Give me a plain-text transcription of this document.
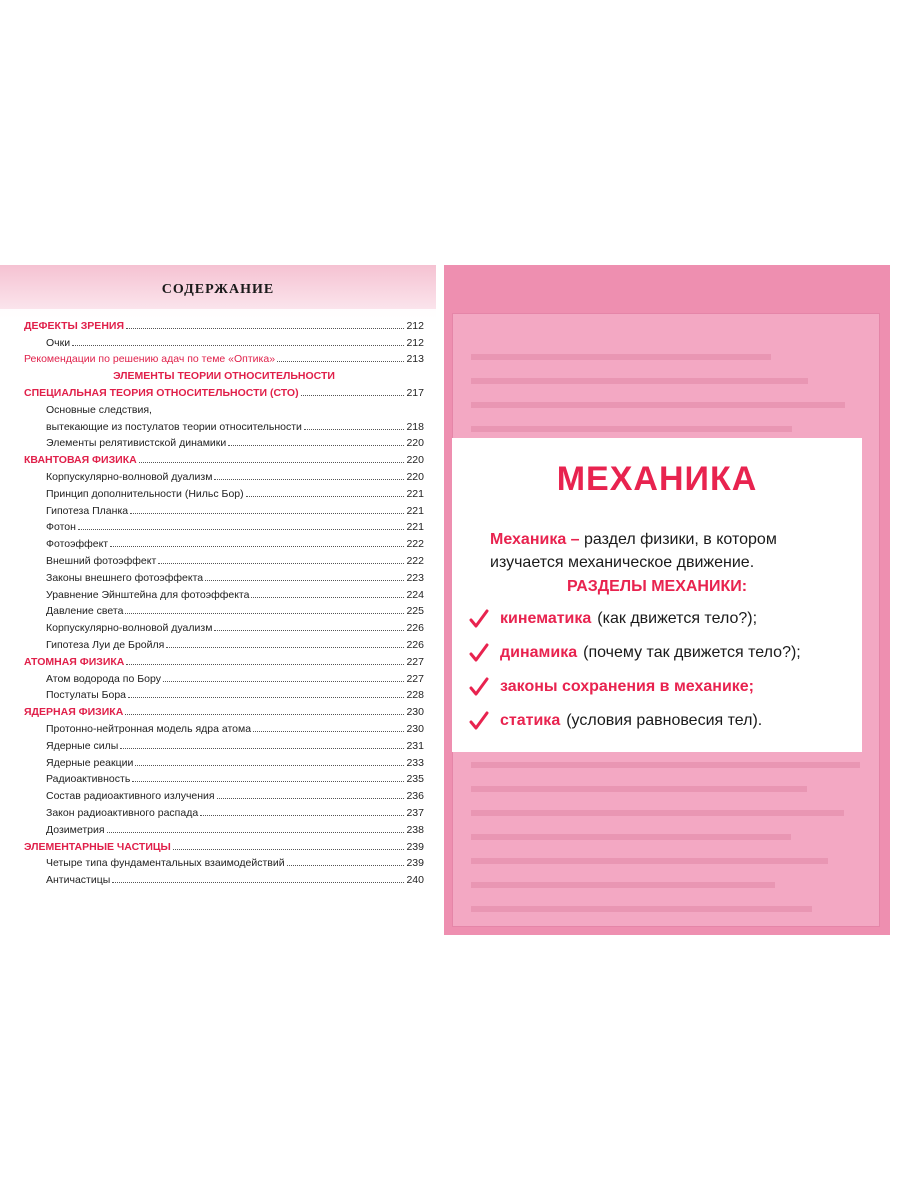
СОДЕРЖАНИЕ
ДЕФЕКТЫ ЗРЕНИЯ	212
Очки	212
Рекомендации по решению адач по теме «Оптика»	213
ЭЛЕМЕНТЫ ТЕОРИИ ОТНОСИТЕЛЬНОСТИ
СПЕЦИАЛЬНАЯ ТЕОРИЯ ОТНОСИТЕЛЬНОСТИ (СТО)	217
Основные следствия,
вытекающие из постулатов теории относительности	218
Элементы релятивистской динамики	220
КВАНТОВАЯ ФИЗИКА	220
Корпускулярно-волновой дуализм	220
Принцип дополнительности (Нильс Бор)	221
Гипотеза Планка	221
Фотон	221
Фотоэффект	222
Внешний фотоэффект	222
Законы внешнего фотоэффекта	223
Уравнение Эйнштейна для фотоэффекта	224
Давление света	225
Корпускулярно-волновой дуализм	226
Гипотеза Луи де Бройля	226
АТОМНАЯ ФИЗИКА	227
Атом водорода по Бору	227
Постулаты Бора	228
ЯДЕРНАЯ ФИЗИКА	230
Протонно-нейтронная модель ядра атома	230
Ядерные силы	231
Ядерные реакции	233
Радиоактивность	235
Состав радиоактивного излучения	236
Закон радиоактивного распада	237
Дозиметрия	238
ЭЛЕМЕНТАРНЫЕ ЧАСТИЦЫ	239
Четыре типа фундаментальных взаимодействий	239
Античастицы	240
МЕХАНИКА
Механика – раздел физики, в котором изучается механическое движение.
РАЗДЕЛЫ МЕХАНИКИ:
кинематика (как движется тело?);
динамика (почему так движется тело?);
законы сохранения в механике;
статика (условия равновесия тел).
